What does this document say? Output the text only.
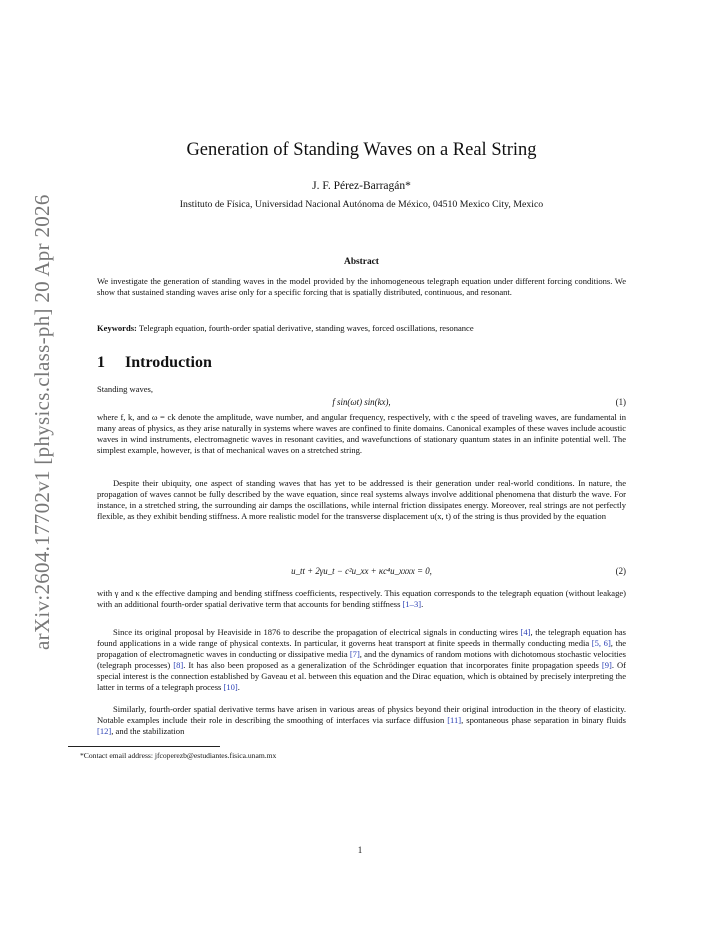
arXiv:2604.17702v1 [physics.class-ph] 20 Apr 2026
Generation of Standing Waves on a Real String
J. F. Pérez-Barragán*
Instituto de Física, Universidad Nacional Autónoma de México, 04510 Mexico City, Mexico
Abstract
We investigate the generation of standing waves in the model provided by the inhomogeneous telegraph equation under different forcing conditions. We show that sustained standing waves arise only for a specific forcing that is spatially distributed, continuous, and resonant.
Keywords: Telegraph equation, fourth-order spatial derivative, standing waves, forced oscillations, resonance
1 Introduction
Standing waves,
f sin(ωt) sin(kx),	(1)
where f, k, and ω = ck denote the amplitude, wave number, and angular frequency, respectively, with c the speed of traveling waves, are fundamental in many areas of physics, as they arise naturally in systems where waves are confined to finite domains. Canonical examples of these waves include acoustic waves in wind instruments, electromagnetic waves in resonant cavities, and wavefunctions of stationary quantum states in an infinite potential well. The simplest example, however, is that of mechanical waves on a stretched string.
Despite their ubiquity, one aspect of standing waves that has yet to be addressed is their generation under real-world conditions. In nature, the propagation of waves cannot be fully described by the wave equation, since real systems always involve additional phenomena that disturb the wave. For instance, in a stretched string, the surrounding air damps the oscillations, while internal friction dissipates energy. Moreover, real strings are not perfectly flexible, as they exhibit bending stiffness. A more realistic model for the transverse displacement u(x, t) of the string is thus provided by the equation
u_tt + 2γu_t − c²u_xx + κc⁴u_xxxx = 0,	(2)
with γ and κ the effective damping and bending stiffness coefficients, respectively. This equation corresponds to the telegraph equation (without leakage) with an additional fourth-order spatial derivative term that accounts for bending stiffness [1–3].
Since its original proposal by Heaviside in 1876 to describe the propagation of electrical signals in conducting wires [4], the telegraph equation has found applications in a wide range of physical contexts. In particular, it governs heat transport at finite speeds in thermally conducting media [5, 6], the propagation of electromagnetic waves in conducting or dissipative media [7], and the dynamics of random motions with dichotomous stochastic velocities (telegraph processes) [8]. It has also been proposed as a generalization of the Schrödinger equation that incorporates finite propagation speeds [9]. Of special interest is the connection established by Gaveau et al. between this equation and the Dirac equation, which is obtained by precisely interpreting the latter in terms of a telegraph process [10].
Similarly, fourth-order spatial derivative terms have arisen in various areas of physics beyond their original introduction in the theory of elasticity. Notable examples include their role in describing the smoothing of interfaces via surface diffusion [11], spontaneous phase separation in binary fluids [12], and the stabilization
*Contact email address: jfcoperezb@estudiantes.fisica.unam.mx
1
